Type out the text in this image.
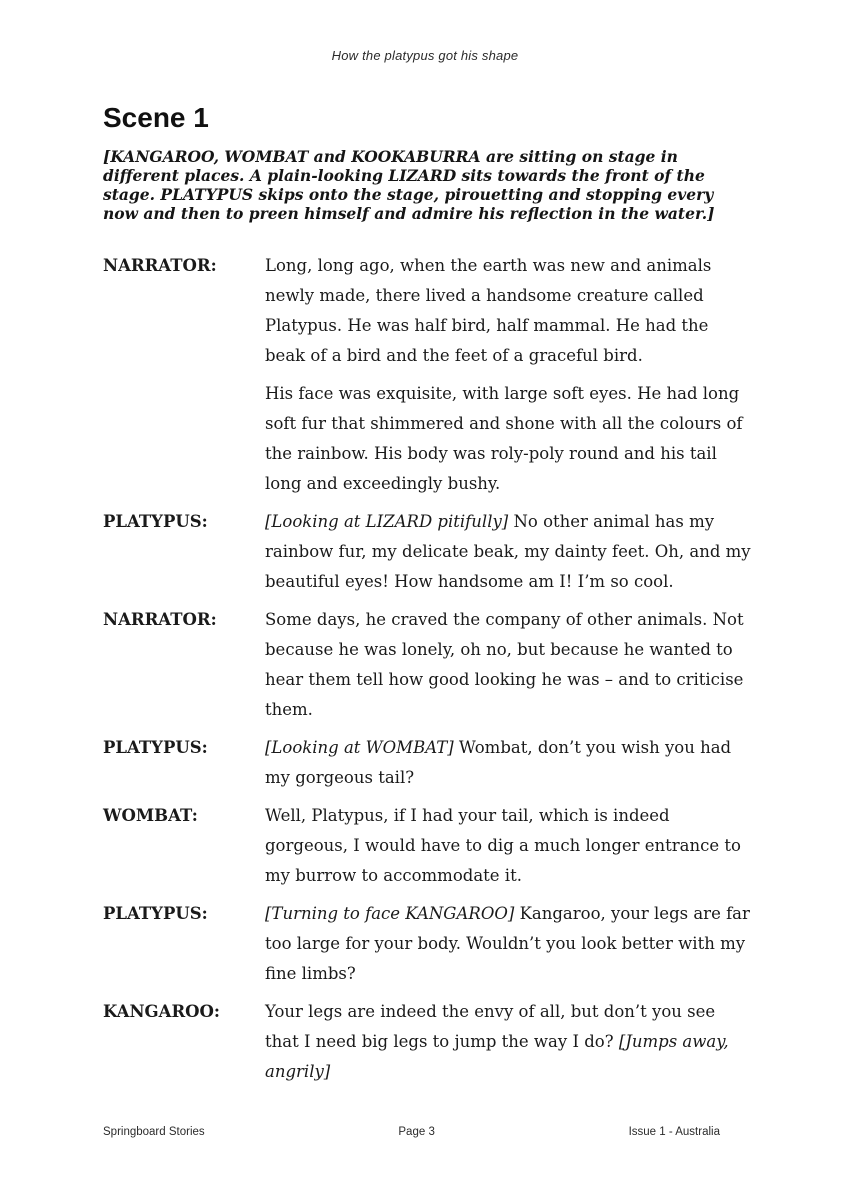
How the platypus got his shape
Scene 1

[KANGAROO, WOMBAT and KOOKABURRA are sitting on stage in different places. A plain-looking LIZARD sits towards the front of the stage. PLATYPUS skips onto the stage, pirouetting and stopping every now and then to preen himself and admire his reflection in the water.]

NARRATOR:	Long, long ago, when the earth was new and animals newly made, there lived a handsome creature called Platypus. He was half bird, half mammal. He had the beak of a bird and the feet of a graceful bird.

His face was exquisite, with large soft eyes. He had long soft fur that shimmered and shone with all the colours of the rainbow. His body was roly-poly round and his tail long and exceedingly bushy.

PLATYPUS:	[Looking at LIZARD pitifully] No other animal has my rainbow fur, my delicate beak, my dainty feet. Oh, and my beautiful eyes! How handsome am I! I’m so cool.

NARRATOR:	Some days, he craved the company of other animals. Not because he was lonely, oh no, but because he wanted to hear them tell how good looking he was – and to criticise them.

PLATYPUS:	[Looking at WOMBAT] Wombat, don’t you wish you had my gorgeous tail?

WOMBAT:	Well, Platypus, if I had your tail, which is indeed gorgeous, I would have to dig a much longer entrance to my burrow to accommodate it.

PLATYPUS:	[Turning to face KANGAROO] Kangaroo, your legs are far too large for your body. Wouldn’t you look better with my fine limbs?

KANGAROO:	Your legs are indeed the envy of all, but don’t you see that I need big legs to jump the way I do? [Jumps away, angrily]

Springboard Stories	Page 3	Issue 1 - Australia
